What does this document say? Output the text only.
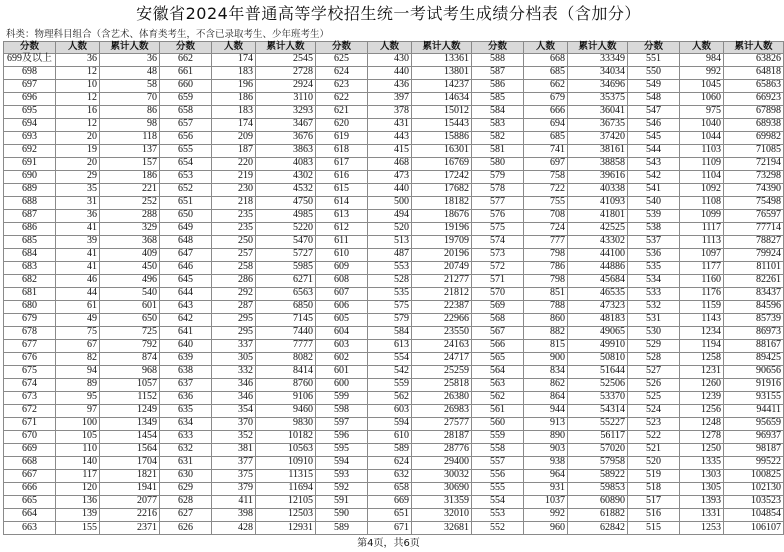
安徽省2024年普通高等学校招生统一考试考生成绩分档表（含加分）
科类：物理科目组合（含艺术、体育类考生，不含已录取考生、少年班考生）
分数	人数	累计人数	分数	人数	累计人数	分数	人数	累计人数	分数	人数	累计人数	分数	人数	累计人数
699及以上	36	36	662	174	2545	625	430	13361	588	668	33349	551	984	63826
698	12	48	661	183	2728	624	440	13801	587	685	34034	550	992	64818
697	10	58	660	196	2924	623	436	14237	586	662	34696	549	1045	65863
696	12	70	659	186	3110	622	397	14634	585	679	35375	548	1060	66923
695	16	86	658	183	3293	621	378	15012	584	666	36041	547	975	67898
694	12	98	657	174	3467	620	431	15443	583	694	36735	546	1040	68938
693	20	118	656	209	3676	619	443	15886	582	685	37420	545	1044	69982
692	19	137	655	187	3863	618	415	16301	581	741	38161	544	1103	71085
691	20	157	654	220	4083	617	468	16769	580	697	38858	543	1109	72194
690	29	186	653	219	4302	616	473	17242	579	758	39616	542	1104	73298
689	35	221	652	230	4532	615	440	17682	578	722	40338	541	1092	74390
688	31	252	651	218	4750	614	500	18182	577	755	41093	540	1108	75498
687	36	288	650	235	4985	613	494	18676	576	708	41801	539	1099	76597
686	41	329	649	235	5220	612	520	19196	575	724	42525	538	1117	77714
685	39	368	648	250	5470	611	513	19709	574	777	43302	537	1113	78827
684	41	409	647	257	5727	610	487	20196	573	798	44100	536	1097	79924
683	41	450	646	258	5985	609	553	20749	572	786	44886	535	1177	81101
682	46	496	645	286	6271	608	528	21277	571	798	45684	534	1160	82261
681	44	540	644	292	6563	607	535	21812	570	851	46535	533	1176	83437
680	61	601	643	287	6850	606	575	22387	569	788	47323	532	1159	84596
679	49	650	642	295	7145	605	579	22966	568	860	48183	531	1143	85739
678	75	725	641	295	7440	604	584	23550	567	882	49065	530	1234	86973
677	67	792	640	337	7777	603	613	24163	566	815	49910	529	1194	88167
676	82	874	639	305	8082	602	554	24717	565	900	50810	528	1258	89425
675	94	968	638	332	8414	601	542	25259	564	834	51644	527	1231	90656
674	89	1057	637	346	8760	600	559	25818	563	862	52506	526	1260	91916
673	95	1152	636	346	9106	599	562	26380	562	864	53370	525	1239	93155
672	97	1249	635	354	9460	598	603	26983	561	944	54314	524	1256	94411
671	100	1349	634	370	9830	597	594	27577	560	913	55227	523	1248	95659
670	105	1454	633	352	10182	596	610	28187	559	890	56117	522	1278	96937
669	110	1564	632	381	10563	595	589	28776	558	903	57020	521	1250	98187
668	140	1704	631	377	10910	594	624	29400	557	938	57958	520	1335	99522
667	117	1821	630	375	11315	593	632	30032	556	964	58922	519	1303	100825
666	120	1941	629	379	11694	592	658	30690	555	931	59853	518	1305	102130
665	136	2077	628	411	12105	591	669	31359	554	1037	60890	517	1393	103523
664	139	2216	627	398	12503	590	651	32010	553	992	61882	516	1331	104854
663	155	2371	626	428	12931	589	671	32681	552	960	62842	515	1253	106107
第4页，共6页
